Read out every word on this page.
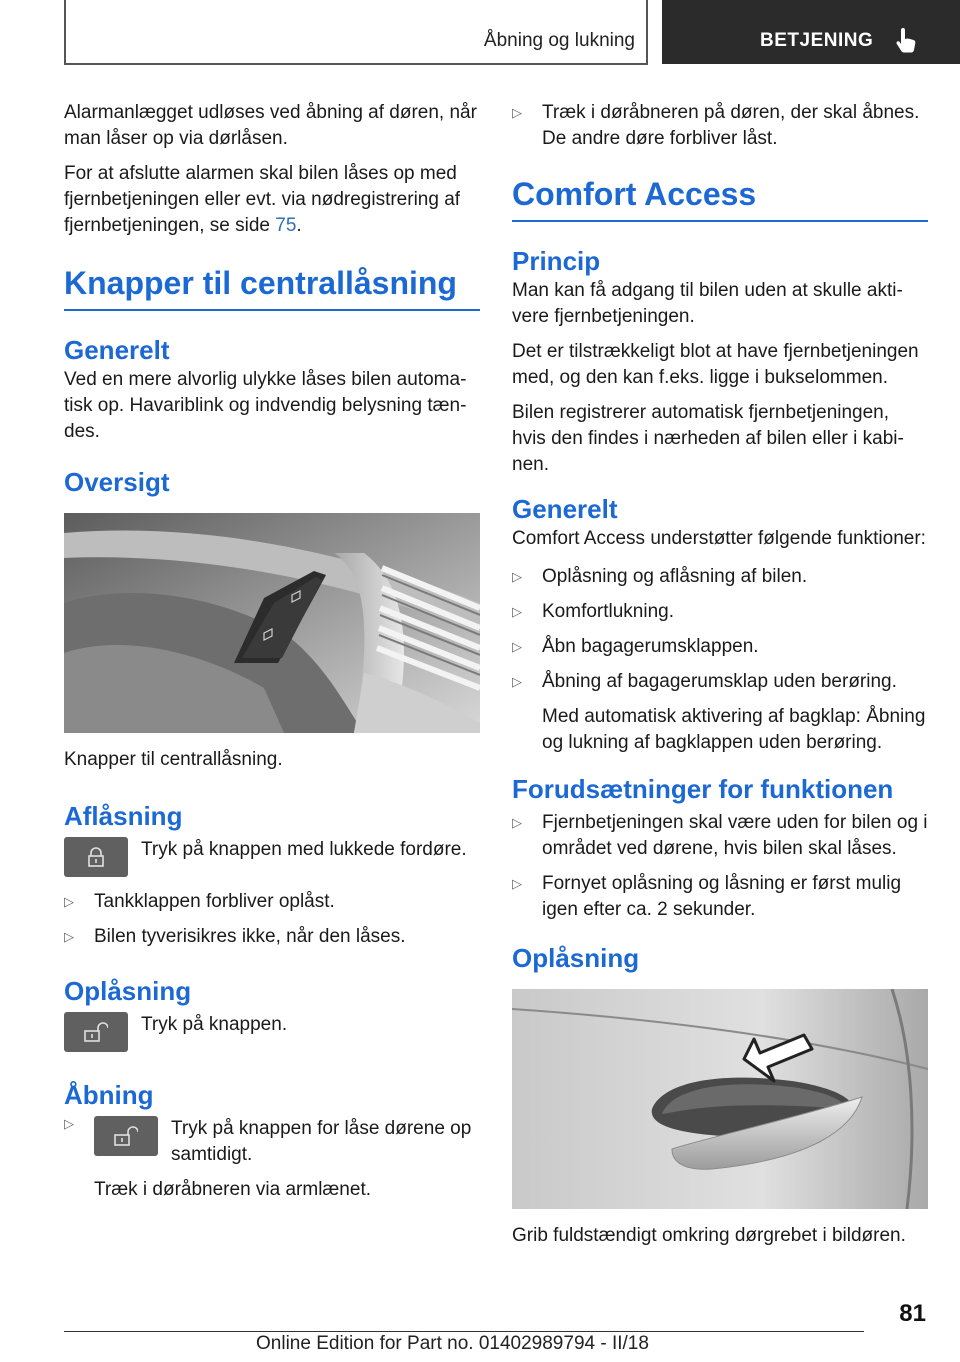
Åbning og lukning	BETJENING

Alarmanlægget udløses ved åbning af døren, når man låser op via dørlåsen.

For at afslutte alarmen skal bilen låses op med fjernbetjeningen eller evt. via nødregistrering af fjernbetjeningen, se side 75.

Knapper til centrallåsning
Generelt

Ved en mere alvorlig ulykke låses bilen automatisk op. Havariblink og indvendig belysning tændes.

Oversigt

Knapper til centrallåsning.

Aflåsning
Tryk på knappen med lukkede fordøre.
▷ Tankklappen forbliver oplåst.
▷ Bilen tyverisikres ikke, når den låses.
Oplåsning
Tryk på knappen.
Åbning
▷	Tryk på knappen for låse dørene op samtidigt.
Træk i døråbneren via armlænet.
▷ Træk i døråbneren på døren, der skal åbnes. De andre døre forbliver låst.
Comfort Access
Princip

Man kan få adgang til bilen uden at skulle aktivere fjernbetjeningen.

Det er tilstrækkeligt blot at have fjernbetjeningen med, og den kan f.eks. ligge i bukselommen.

Bilen registrerer automatisk fjernbetjeningen, hvis den findes i nærheden af bilen eller i kabinen.

Generelt

Comfort Access understøtter følgende funktioner:

▷ Oplåsning og aflåsning af bilen.
▷ Komfortlukning.
▷ Åbn bagagerumsklappen.
▷ Åbning af bagagerumsklap uden berøring.
Med automatisk aktivering af bagklap: Åbning og lukning af bagklappen uden berøring.
Forudsætninger for funktionen
▷ Fjernbetjeningen skal være uden for bilen og i området ved dørene, hvis bilen skal låses.
▷ Fornyet oplåsning og låsning er først mulig igen efter ca. 2 sekunder.
Oplåsning

Grib fuldstændigt omkring dørgrebet i bildøren.

81
Online Edition for Part no. 01402989794 - II/18
